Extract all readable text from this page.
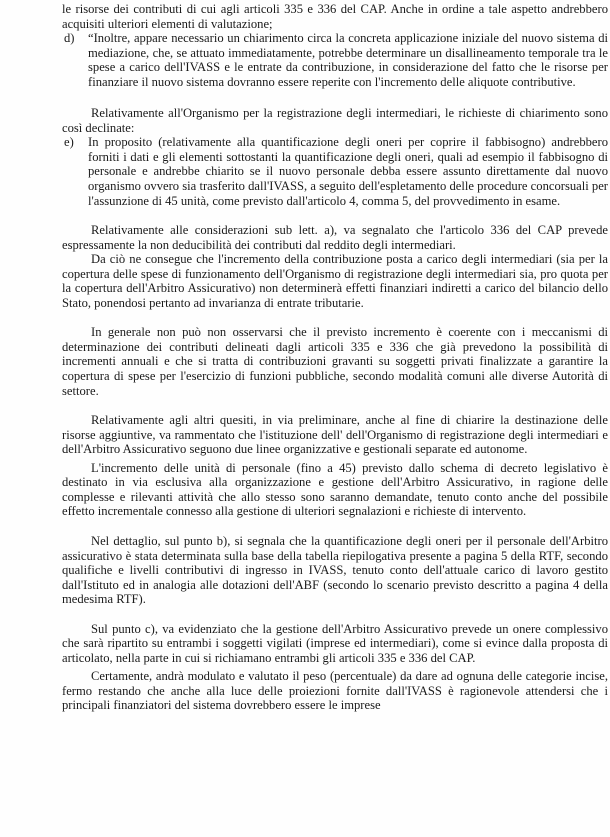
le risorse dei contributi di cui agli articoli 335 e 336 del CAP. Anche in ordine a tale aspetto andrebbero acquisiti ulteriori elementi di valutazione;

d)	“Inoltre, appare necessario un chiarimento circa la concreta applicazione iniziale del nuovo sistema di mediazione, che, se attuato immediatamente, potrebbe determinare un disallineamento temporale tra le spese a carico dell'IVASS e le entrate da contribuzione, in considerazione del fatto che le risorse per finanziare il nuovo sistema dovranno essere reperite con l'incremento delle aliquote contributive.

Relativamente all'Organismo per la registrazione degli intermediari, le richieste di chiarimento sono così declinate:

e)	In proposito (relativamente alla quantificazione degli oneri per coprire il fabbisogno) andrebbero forniti i dati e gli elementi sottostanti la quantificazione degli oneri, quali ad esempio il fabbisogno di personale e andrebbe chiarito se il nuovo personale debba essere assunto direttamente dal nuovo organismo ovvero sia trasferito dall'IVASS, a seguito dell'espletamento delle procedure concorsuali per l'assunzione di 45 unità, come previsto dall'articolo 4, comma 5, del provvedimento in esame.

Relativamente alle considerazioni sub lett. a), va segnalato che l'articolo 336 del CAP prevede espressamente la non deducibilità dei contributi dal reddito degli intermediari.

Da ciò ne consegue che l'incremento della contribuzione posta a carico degli intermediari (sia per la copertura delle spese di funzionamento dell'Organismo di registrazione degli intermediari sia, pro quota per la copertura dell'Arbitro Assicurativo) non determinerà effetti finanziari indiretti a carico del bilancio dello Stato, ponendosi pertanto ad invarianza di entrate tributarie.

In generale non può non osservarsi che il previsto incremento è coerente con i meccanismi di determinazione dei contributi delineati dagli articoli 335 e 336 che già prevedono la possibilità di incrementi annuali e che si tratta di contribuzioni gravanti su soggetti privati finalizzate a garantire la copertura di spese per l'esercizio di funzioni pubbliche, secondo modalità comuni alle diverse Autorità di settore.

Relativamente agli altri quesiti, in via preliminare, anche al fine di chiarire la destinazione delle risorse aggiuntive, va rammentato che l'istituzione dell' dell'Organismo di registrazione degli intermediari e dell'Arbitro Assicurativo seguono due linee organizzative e gestionali separate ed autonome.

L'incremento delle unità di personale (fino a 45) previsto dallo schema di decreto legislativo è destinato in via esclusiva alla organizzazione e gestione dell'Arbitro Assicurativo, in ragione delle complesse e rilevanti attività che allo stesso sono saranno demandate, tenuto conto anche del possibile effetto incrementale connesso alla gestione di ulteriori segnalazioni e richieste di intervento.

Nel dettaglio, sul punto b), si segnala che la quantificazione degli oneri per il personale dell'Arbitro assicurativo è stata determinata sulla base della tabella riepilogativa presente a pagina 5 della RTF, secondo qualifiche e livelli contributivi di ingresso in IVASS, tenuto conto dell'attuale carico di lavoro gestito dall'Istituto ed in analogia alle dotazioni dell'ABF (secondo lo scenario previsto descritto a pagina 4 della medesima RTF).

Sul punto c), va evidenziato che la gestione dell'Arbitro Assicurativo prevede un onere complessivo che sarà ripartito su entrambi i soggetti vigilati (imprese ed intermediari), come si evince dalla proposta di articolato, nella parte in cui si richiamano entrambi gli articoli 335 e 336 del CAP.

Certamente, andrà modulato e valutato il peso (percentuale) da dare ad ognuna delle categorie incise, fermo restando che anche alla luce delle proiezioni fornite dall'IVASS è ragionevole attendersi che i principali finanziatori del sistema dovrebbero essere le imprese
